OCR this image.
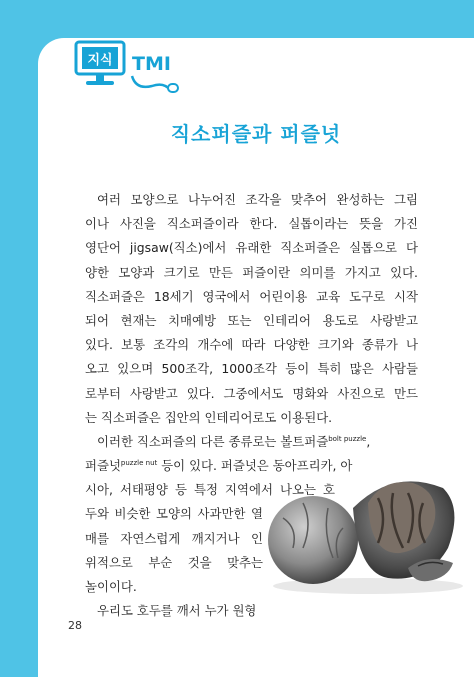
지식 TMI
직소퍼즐과 퍼즐넛
여러 모양으로 나누어진 조각을 맞추어 완성하는 그림
이나 사진을 직소퍼즐이라 한다. 실톱이라는 뜻을 가진
영단어 jigsaw(직소)에서 유래한 직소퍼즐은 실톱으로 다
양한 모양과 크기로 만든 퍼즐이란 의미를 가지고 있다.
직소퍼즐은 18세기 영국에서 어린이용 교육 도구로 시작
되어 현재는 치매예방 또는 인테리어 용도로 사랑받고
있다. 보통 조각의 개수에 따라 다양한 크기와 종류가 나
오고 있으며 500조각, 1000조각 등이 특히 많은 사람들
로부터 사랑받고 있다. 그중에서도 명화와 사진으로 만드
는 직소퍼즐은 집안의 인테리어로도 이용된다.
이러한 직소퍼즐의 다른 종류로는 볼트퍼즐$^{bolt puzzle}$,
퍼즐넛$^{puzzle nut}$ 등이 있다. 퍼즐넛은 동아프리카, 아
시아, 서태평양 등 특정 지역에서 나오는 호
두와 비슷한 모양의 사과만한 열
매를 자연스럽게 깨지거나 인
위적으로 부순 것을 맞추는
놀이이다.
우리도 호두를 깨서 누가 원형
28
